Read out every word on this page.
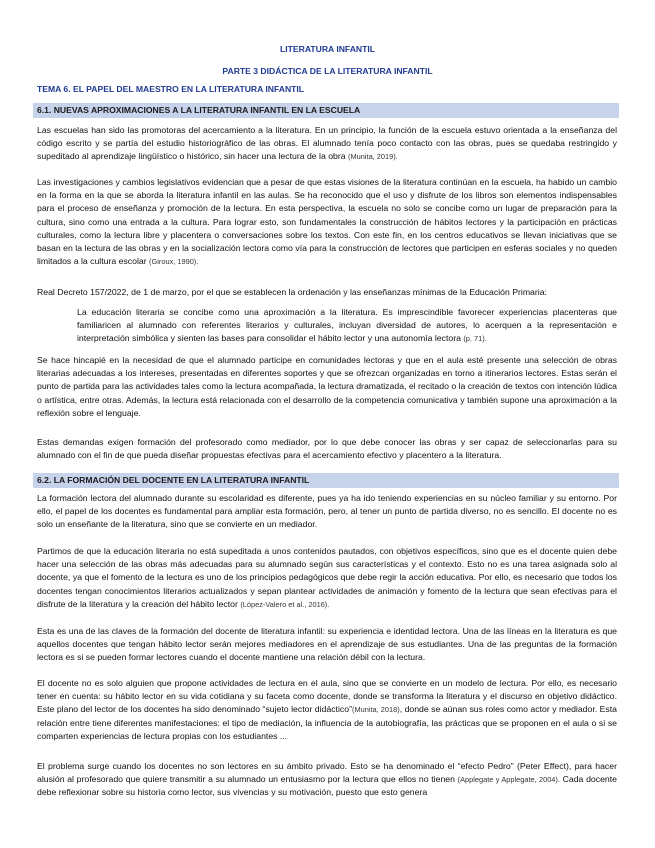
LITERATURA INFANTIL
PARTE 3 DIDÁCTICA DE LA LITERATURA INFANTIL
TEMA 6. EL PAPEL DEL MAESTRO EN LA LITERATURA INFANTIL
6.1. NUEVAS APROXIMACIONES A LA LITERATURA INFANTIL EN LA ESCUELA
Las escuelas han sido las promotoras del acercamiento a la literatura. En un principio, la función de la escuela estuvo orientada a la enseñanza del código escrito y se partía del estudio historiográfico de las obras. El alumnado tenía poco contacto con las obras, pues se quedaba restringido y supeditado al aprendizaje lingüístico o histórico, sin hacer una lectura de la obra (Munita, 2019).
Las investigaciones y cambios legislativos evidencian que a pesar de que estas visiones de la literatura continúan en la escuela, ha habido un cambio en la forma en la que se aborda la literatura infantil en las aulas. Se ha reconocido que el uso y disfrute de los libros son elementos indispensables para el proceso de enseñanza y promoción de la lectura. En esta perspectiva, la escuela no solo se concibe como un lugar de preparación para la cultura, sino como una entrada a la cultura. Para lograr esto, son fundamentales la construcción de hábitos lectores y la participación en prácticas culturales, como la lectura libre y placentera o conversaciones sobre los textos. Con este fin, en los centros educativos se llevan iniciativas que se basan en la lectura de las obras y en la socialización lectora como vía para la construcción de lectores que participen en esferas sociales y no queden limitados a la cultura escolar (Giroux, 1990).
Real Decreto 157/2022, de 1 de marzo, por el que se establecen la ordenación y las enseñanzas mínimas de la Educación Primaria:
La educación literaria se concibe como una aproximación a la literatura. Es imprescindible favorecer experiencias placenteras que familiaricen al alumnado con referentes literarios y culturales, incluyan diversidad de autores, lo acerquen a la representación e interpretación simbólica y sienten las bases para consolidar el hábito lector y una autonomía lectora (p. 71).
Se hace hincapié en la necesidad de que el alumnado participe en comunidades lectoras y que en el aula esté presente una selección de obras literarias adecuadas a los intereses, presentadas en diferentes soportes y que se ofrezcan organizadas en torno a itinerarios lectores. Estas serán el punto de partida para las actividades tales como la lectura acompañada, la lectura dramatizada, el recitado o la creación de textos con intención lúdica o artística, entre otras. Además, la lectura está relacionada con el desarrollo de la competencia comunicativa y también supone una aproximación a la reflexión sobre el lenguaje.
Estas demandas exigen formación del profesorado como mediador, por lo que debe conocer las obras y ser capaz de seleccionarlas para su alumnado con el fin de que pueda diseñar propuestas efectivas para el acercamiento efectivo y placentero a la literatura.
6.2. LA FORMACIÓN DEL DOCENTE EN LA LITERATURA INFANTIL
La formación lectora del alumnado durante su escolaridad es diferente, pues ya ha ido teniendo experiencias en su núcleo familiar y su entorno. Por ello, el papel de los docentes es fundamental para ampliar esta formación, pero, al tener un punto de partida diverso, no es sencillo. El docente no es solo un enseñante de la literatura, sino que se convierte en un mediador.
Partimos de que la educación literaria no está supeditada a unos contenidos pautados, con objetivos específicos, sino que es el docente quien debe hacer una selección de las obras más adecuadas para su alumnado según sus características y el contexto. Esto no es una tarea asignada solo al docente, ya que el fomento de la lectura es uno de los principios pedagógicos que debe regir la acción educativa. Por ello, es necesario que todos los docentes tengan conocimientos literarios actualizados y sepan plantear actividades de animación y fomento de la lectura que sean efectivas para el disfrute de la literatura y la creación del hábito lector (López-Valero et al., 2016).
Esta es una de las claves de la formación del docente de literatura infantil: su experiencia e identidad lectora. Una de las líneas en la literatura es que aquellos docentes que tengan hábito lector serán mejores mediadores en el aprendizaje de sus estudiantes. Una de las preguntas de la formación lectora es si se pueden formar lectores cuando el docente mantiene una relación débil con la lectura.
El docente no es solo alguien que propone actividades de lectura en el aula, sino que se convierte en un modelo de lectura. Por ello, es necesario tener en cuenta: su hábito lector en su vida cotidiana y su faceta como docente, donde se transforma la literatura y el discurso en objetivo didáctico. Este plano del lector de los docentes ha sido denominado “sujeto lector didáctico”(Munita, 2018), donde se aúnan sus roles como actor y mediador. Esta relación entre tiene diferentes manifestaciones: el tipo de mediación, la influencia de la autobiografía, las prácticas que se proponen en el aula o si se comparten experiencias de lectura propias con los estudiantes ...
El problema surge cuando los docentes no son lectores en su ámbito privado. Esto se ha denominado el “efecto Pedro” (Peter Effect), para hacer alusión al profesorado que quiere transmitir a su alumnado un entusiasmo por la lectura que ellos no tienen (Applegate y Applegate, 2004). Cada docente debe reflexionar sobre su historia como lector, sus vivencias y su motivación, puesto que esto genera
